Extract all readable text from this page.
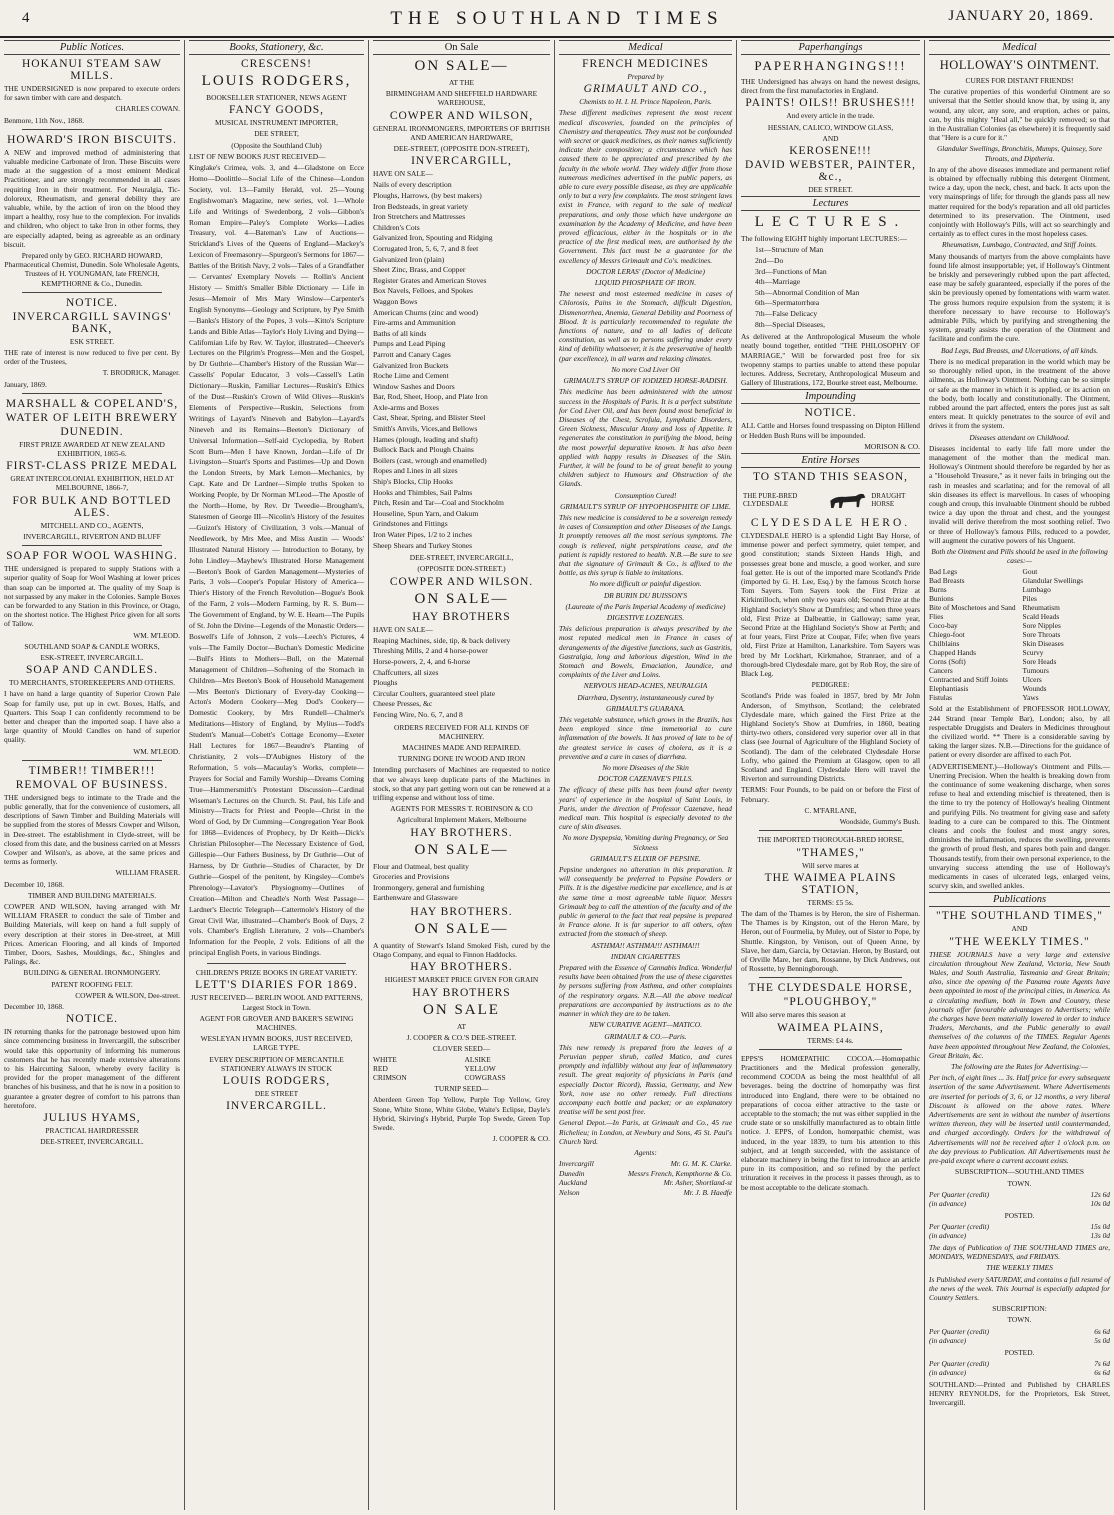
4	THE SOUTHLAND TIMES	JANUARY 20, 1869.
Public Notices.
HOKANUI STEAM SAW MILLS.
THE UNDERSIGNED is now prepared to execute orders for sawn timber with care and despatch.
CHARLES COWAN.
Benmore, 11th Nov., 1868.
HOWARD'S IRON BISCUITS.
A NEW and improved method of administering that valuable medicine Carbonate of Iron. These Biscuits were made at the suggestion of a most eminent Medical Practitioner, and are strongly recommended in all cases requiring Iron in their treatment. For Neuralgia, Tic-doloreux, Rheumatism, and general debility they are valuable, while, by the action of iron on the blood they impart a healthy, rosy hue to the complexion. For invalids and children, who object to take Iron in other forms, they are especially adapted, being as agreeable as an ordinary biscuit.
Prepared only by GEO. RICHARD HOWARD, Pharmaceutical Chemist, Dunedin. Sole Wholesale Agents, Trustees of H. YOUNGMAN, late FRENCH, KEMPTHORNE & Co., Dunedin.
NOTICE.
INVERCARGILL SAVINGS' BANK,
ESK STREET.
THE rate of interest is now reduced to five per cent. By order of the Trustees,
T. BRODRICK, Manager.
January, 1869.
MARSHALL & COPELAND'S,
WATER OF LEITH BREWERY
DUNEDIN.
FIRST PRIZE AWARDED AT NEW ZEALAND EXHIBITION, 1865-6.
FIRST-CLASS PRIZE MEDAL
GREAT INTERCOLONIAL EXHIBITION, HELD AT MELBOURNE, 1866-7,
FOR BULK AND BOTTLED ALES.
MITCHELL AND CO., AGENTS,
INVERCARGILL, RIVERTON AND BLUFF
SOAP FOR WOOL WASHING.
THE undersigned is prepared to supply Stations with a superior quality of Soap for Wool Washing at lower prices than soap can be imported at. The quality of my Soap is not surpassed by any maker in the Colonies. Sample Boxes can be forwarded to any Station in this Province, or Otago, on the shortest notice. The Highest Price given for all sorts of Tallow.
WM. M'LEOD.
SOUTHLAND SOAP & CANDLE WORKS,
ESK-STREET, INVERCARGILL.
SOAP AND CANDLES.
TO MERCHANTS, STOREKEEPERS AND OTHERS.
I have on hand a large quantity of Superior Crown Pale Soap for family use, put up in cwt. Boxes, Halfs, and Quarters. This Soap I can confidently recommend to be better and cheaper than the imported soap. I have also a large quantity of Mould Candles on hand of superior quality.
WM. M'LEOD.
TIMBER!! TIMBER!!!
REMOVAL OF BUSINESS.
THE undersigned begs to intimate to the Trade and the public generally, that for the convenience of customers, all descriptions of Sawn Timber and Building Materials will be supplied from the stores of Messrs Cowper and Wilson, in Dee-street. The establishment in Clyde-street, will be closed from this date, and the business carried on at Messrs Cowper and Wilson's, as above, at the same prices and terms as formerly.
WILLIAM FRASER.
December 10, 1868.
TIMBER AND BUILDING MATERIALS.
COWPER AND WILSON, having arranged with Mr WILLIAM FRASER to conduct the sale of Timber and Building Materials, will keep on hand a full supply of every description at their stores in Dee-street, at Mill Prices. American Flooring, and all kinds of Imported Timber, Doors, Sashes, Mouldings, &c., Shingles and Palings, &c.
BUILDING & GENERAL IRONMONGERY.
PATENT ROOFING FELT.
COWPER & WILSON, Dee-street.
December 10, 1868.
NOTICE.
IN returning thanks for the patronage bestowed upon him since commencing business in Invercargill, the subscriber would take this opportunity of informing his numerous customers that he has recently made extensive alterations to his Haircutting Saloon, whereby every facility is provided for the proper management of the different branches of his business, and that he is now in a position to guarantee a greater degree of comfort to his patrons than heretofore.
JULIUS HYAMS,
PRACTICAL HAIRDRESSER
DEE-STREET, INVERCARGILL.
Books, Stationery, &c.
CRESCENS!
LOUIS RODGERS,
BOOKSELLER STATIONER, NEWS AGENT
FANCY GOODS,
MUSICAL INSTRUMENT IMPORTER,
DEE STREET,
(Opposite the Southland Club)
LIST OF NEW BOOKS JUST RECEIVED—
Kinglake's Crimea, vols. 3, and 4—Gladstone on Ecce Homo—Doolittle—Social Life of the Chinese—London Society, vol. 13—Family Herald, vol. 25—Young Englishwoman's Magazine, new series, vol. 1—Whole Life and Writings of Swedenborg, 2 vols—Gibbon's Roman Empire—Paley's Complete Works—Ladies Treasury, vol. 4—Bateman's Law of Auctions—Strickland's Lives of the Queens of England—Mackey's Lexicon of Freemasonry—Spurgeon's Sermons for 1867—Battles of the British Navy, 2 vols—Tales of a Grandfather — Cervantes' Exemplary Novels — Rollin's Ancient History — Smith's Smaller Bible Dictionary — Life in Jesus—Memoir of Mrs Mary Winslow—Carpenter's English Synonyms—Geology and Scripture, by Pye Smith—Banks's History of the Popes, 3 vols—Kitto's Scripture Lands and Bible Atlas—Taylor's Holy Living and Dying—Californian Life by Rev. W. Taylor, illustrated—Cheever's Lectures on the Pilgrim's Progress—Men and the Gospel, by Dr Guthrie—Chamber's History of the Russian War—Cassells' Popular Educator, 3 vols—Cassell's Latin Dictionary—Ruskin, Familiar Lectures—Ruskin's Ethics of the Dust—Ruskin's Crown of Wild Olives—Ruskin's Elements of Perspective—Ruskin, Selections from Writings of Layard's Nineveh and Babylon—Layard's Nineveh and its Remains—Beeton's Dictionary of Universal Information—Self-aid Cyclopedia, by Robert Scott Burn—Men I have Known, Jordan—Life of Dr Livingston—Stuart's Sports and Pastimes—Up and Down the London Streets, by Mark Lemon—Mechanics, by Capt. Kate and Dr Lardner—Simple truths Spoken to Working People, by Dr Norman M'Leod—The Apostle of the North—Home, by Rev. Dr Tweedie—Brougham's, Statesmen of George III—Nicolin's History of the Jesuites—Guizot's History of Civilization, 3 vols.—Manual of Needlework, by Mrs Mee, and Miss Austin — Woods' Illustrated Natural History — Introduction to Botany, by John Lindley—Mayhew's Illustrated Horse Management—Beeton's Book of Garden Management—Mysteries of Paris, 3 vols—Cooper's Popular History of America—Thier's History of the French Revolution—Bogue's Book of the Farm, 2 vols—Modern Farming, by R. S. Burn—The Government of England, by W. E. Hearn—The Pupils of St. John the Divine—Legends of the Monastic Orders—Boswell's Life of Johnson, 2 vols—Leech's Pictures, 4 vols—The Family Doctor—Buchan's Domestic Medicine—Bull's Hints to Mothers—Bull, on the Maternal Management of Children—Softening of the Stomach in Children—Mrs Beeton's Book of Household Management—Mrs Beeton's Dictionary of Every-day Cooking—Acton's Modern Cookery—Meg Dod's Cookery—Domestic Cookery, by Mrs Rundell—Chalmer's Meditations—History of England, by Mylius—Todd's Student's Manual—Cobett's Cottage Economy—Exeter Hall Lectures for 1867—Beaudre's Planting of Christianity, 2 vols—D'Aubignes History of the Reformation, 5 vols—Macaulay's Works, complete—Prayers for Social and Family Worship—Dreams Coming True—Hammersmith's Protestant Discussion—Cardinal Wiseman's Lectures on the Church. St. Paul, his Life and Ministry—Tracts for Priest and People—Christ in the Word of God, by Dr Cumming—Congregation Year Book for 1868—Evidences of Prophecy, by Dr Keith—Dick's Christian Philosopher—The Necessary Existence of God, Gillespie—Our Fathers Business, by Dr Guthrie—Out of Harness, by Dr Guthrie—Studies of Character, by Dr Guthrie—Gospel of the penitent, by Kingsley—Combe's Phrenology—Lavator's Physiognomy—Outlines of Creation—Milton and Cheadle's North West Passage—Lardner's Electric Telegraph—Cattermole's History of the Great Civil War, illustrated—Chamber's Book of Days, 2 vols. Chamber's English Literature, 2 vols—Chamber's Information for the People, 2 vols. Editions of all the principal English Poets, in various Bindings.
CHILDREN'S PRIZE BOOKS IN GREAT VARIETY.
LETT'S DIARIES FOR 1869.
JUST RECEIVED— BERLIN WOOL AND PATTERNS, Largest Stock in Town.
AGENT FOR GROVER AND BAKER'S SEWING MACHINES.
WESLEYAN HYMN BOOKS, JUST RECEIVED, LARGE TYPE.
EVERY DESCRIPTION OF MERCANTILE STATIONERY ALWAYS IN STOCK
LOUIS RODGERS,
DEE STREET
INVERCARGILL.
On Sale
ON SALE—
AT THE
BIRMINGHAM AND SHEFFIELD HARDWARE WAREHOUSE,
COWPER AND WILSON,
GENERAL IRONMONGERS, IMPORTERS OF BRITISH AND AMERICAN HARDWARE,
DEE-STREET, (OPPOSITE DON-STREET),
INVERCARGILL,
HAVE ON SALE—
Nails of every description
Ploughs, Harrows, (by best makers)
Iron Bedsteads, in great variety
Iron Stretchers and Mattresses
Children's Cots
Galvanized Iron, Spouting and Ridging
Corrugated Iron, 5, 6, 7, and 8 feet
Galvanized Iron (plain)
Sheet Zinc, Brass, and Copper
Register Grates and American Stoves
Box Navels, Felloes, and Spokes
Waggon Bows
American Churns (zinc and wood)
Fire-arms and Ammunition
Baths of all kinds
Pumps and Lead Piping
Parrott and Canary Cages
Galvanized Iron Buckets
Roche Lime and Cement
Window Sashes and Doors
Bar, Rod, Sheet, Hoop, and Plate Iron
Axle-arms and Boxes
Cast, Shear, Spring, and Blister Steel
Smith's Anvils, Vices,and Bellows
Hames (plough, leading and shaft)
Bullock Back and Plough Chains
Boilers (cast, wrough and enamelled)
Ropes and Lines in all sizes
Ship's Blocks, Clip Hooks
Hooks and Thimbles, Sail Palms
Pitch, Resin and Tar—Coal and Stockholm
Houseline, Spun Yarn, and Oakum
Grindstones and Fittings
Iron Water Pipes, 1/2 to 2 inches
Sheep Shears and Turkey Stones
DEE-STREET, INVERCARGILL,
(OPPOSITE DON-STREET.)
COWPER AND WILSON.
ON SALE—
HAY BROTHERS
HAVE ON SALE—
Reaping Machines, side, tip, & back delivery
Threshing Mills, 2 and 4 horse-power
Horse-powers, 2, 4, and 6-horse
Chaffcutters, all sizes
Ploughs
Circular Coulters, guaranteed steel plate
Cheese Presses, &c
Fencing Wire, No. 6, 7, and 8
ORDERS RECEIVED FOR ALL KINDS OF MACHINERY.
MACHINES MADE AND REPAIRED.
TURNING DONE IN WOOD AND IRON
Intending purchasers of Machines are requested to notice that we always keep duplicate parts of the Machines in stock, so that any part getting worn out can be renewed at a trifling expense and without loss of time.
AGENTS FOR MESSRS T. ROBINSON & CO
Agricultural Implement Makers, Melbourne
HAY BROTHERS.
ON SALE—
Flour and Oatmeal, best quality
Groceries and Provisions
Ironmongery, general and furnishing
Earthenware and Glassware
HAY BROTHERS.
ON SALE—
A quantity of Stewart's Island Smoked Fish, cured by the Otago Company, and equal to Finnon Haddocks.
HAY BROTHERS.
HIGHEST MARKET PRICE GIVEN FOR GRAIN
HAY BROTHERS
ON SALE
AT
J. COOPER & CO.'S DEE-STREET.
CLOVER SEED—
WHITE
RED
CRIMSON
ALSIKE
YELLOW
COWGRASS
TURNIP SEED—
Aberdeen Green Top Yellow, Purple Top Yellow, Grey Stone, White Stone, White Globe, Waite's Eclipse, Dayle's Hybrid, Skirving's Hybrid, Purple Top Swede, Green Top Swede.
J. COOPER & CO.
Medical
FRENCH MEDICINES
Prepared by
GRIMAULT AND CO.,
Chemists to H. I. H. Prince Napoleon, Paris.
These different medicines represent the most recent medical discoveries, founded on the principles of Chemistry and therapeutics. They must not be confounded with secret or quack medicines, as their names sufficiently indicate their composition; a circumstance which has caused them to be appreciated and prescribed by the faculty in the whole world. They widely differ from those numerous medicines advertised in the public papers, as able to cure every possible disease, as they are applicable only to but a very few complaints. The most stringent laws exist in France, with regard to the sale of medical preparations, and only those which have undergone an examination by the Academy of Medicine, and have been proved efficacious, either in the hospitals or in the practice of the first medical men, are authorised by the Government. This fact must be a guarantee for the excellency of Messrs Grimault and Co's. medicines.
DOCTOR LERAS' (Doctor of Medicine)
LIQUID PHOSPHATE OF IRON.
The newest and most esteemed medicine in cases of Chlorosis, Pains in the Stomach, difficult Digestion, Dismenorrhea, Anemia, General Debility and Poorness of Blood. It is particularly recommended to regulate the functions of nature, and to all ladies of delicate constitution, as well as to persons suffering under every kind of debility whatsoever, it is the preservative of health (par excellence), in all warm and relaxing climates.
No more Cod Liver Oil
GRIMAULT'S SYRUP OF IODIZED HORSE-RADISH.
This medicine has been administered with the utmost success in the Hospitals of Paris. It is a perfect substitute for Cod Liver Oil, and has been found most beneficial in Diseases of the Chest, Scrofula, Lymphatic Disorders, Green Sickness, Muscular Atony and loss of Appetite. It regenerates the constitution in purifying the blood, being the most powerful depurative known. It has also been applied with happy results in Diseases of the Skin. Further, it will be found to be of great benefit to young children subject to Humours and Obstruction of the Glands.
Consumption Cured!
GRIMAULT'S SYRUP OF HYPOPHOSPHITE OF LIME.
This new medicine is considered to be a sovereign remedy in cases of Consumption and other Diseases of the Lungs. It promptly removes all the most serious symptoms. The cough is relieved, night perspirations cease, and the patient is rapidly restored to health. N.B.—Be sure to see that the signature of Grimault & Co., is affixed to the bottle, as this syrup is liable to imitations.
No more difficult or painful digestion.
DR BURIN DU BUISSON'S
(Laureate of the Paris Imperial Academy of medicine)
DIGESTIVE LOZENGES.
This delicious preparation is always prescribed by the most reputed medical men in France in cases of derangements of the digestive functions, such as Gastritis, Gastralgia, long and laborious digestion, Wind in the Stomach and Bowels, Emaciation, Jaundice, and complaints of the Liver and Loins.
NERVOUS HEAD-ACHES, NEURALGIA
Diarrhœa, Dysentry, instantaneously cured by
GRIMAULT'S GUARANA.
This vegetable substance, which grows in the Brazils, has been employed since time immemorial to cure inflammation of the bowels. It has proved of late to be of the greatest service in cases of cholera, as it is a preventive and a cure in cases of diarrhœa.
No more Diseases of the Skin
DOCTOR CAZENAVE'S PILLS.
The efficacy of these pills has been found after twenty years' of experience in the hospital of Saint Louis, in Paris, under the direction of Professor Cazenave, head medical man. This hospital is especially devoted to the cure of skin diseases.
No more Dyspepsia, Vomiting during Pregnancy, or Sea Sickness
GRIMAULT'S ELIXIR OF PEPSINE.
Pepsine undergoes no alteration in this preparation. It will consequently be preferred to Pepsine Powders or Pills. It is the digestive medicine par excellence, and is at the same time a most agreeable table liquor. Messrs Grimault beg to call the attention of the faculty and of the public in general to the fact that real pepsine is prepared in France alone. It is far superior to all others, often extracted from the stomach of sheep.
ASTHMA!! ASTHMA!!! ASTHMA!!!
INDIAN CIGARETTES
Prepared with the Essence of Cannabis Indica. Wonderful results have been obtained from the use of these cigarettes by persons suffering from Asthma, and other complaints of the respiratory organs. N.B.—All the above medical preparations are accompanied by instructions as to the manner in which they are to be taken.
NEW CURATIVE AGENT—MATICO.
GRIMAULT & CO.—Paris.
This new remedy is prepared from the leaves of a Peruvian pepper shrub, called Matico, and cures promptly and infallibly without any fear of inflammatory result. The great majority of physicians in Paris (and especially Doctor Ricord), Russia, Germany, and New York, now use no other remedy. Full directions accompany each bottle and packet; or an explanatory treatise will be sent post free.
General Depot.—In Paris, at Grimault and Co., 45 rue Richelieu; in London, at Newbury and Sons, 45 St. Paul's Church Yard.
Agents:
Invercargill	Mr. G. M. K. Clarke.
Dunedin	Messrs French, Kempthorne & Co.
Auckland	Mr. Asher, Shortland-st
Nelson	Mr. J. B. Haedfe
Paperhangings
PAPERHANGINGS!!!
THE Undersigned has always on hand the newest designs, direct from the first manufactories in England.
PAINTS! OILS!! BRUSHES!!!
And every article in the trade.
HESSIAN, CALICO, WINDOW GLASS,
AND
KEROSENE!!!
DAVID WEBSTER, PAINTER, &c.,
DEE STREET.
Lectures
LECTURES.
The following EIGHT highly important LECTURES:—
1st—Structure of Man
2nd—Do
3rd—Functions of Man
4th—Marriage
5th—Abnormal Condition of Man
6th—Spermatorrhœa
7th—False Delicacy
8th—Special Diseases,
As delivered at the Anthropological Museum the whole neatly bound together, entitled "THE PHILOSOPHY OF MARRIAGE," Will be forwarded post free for six twopenny stamps to parties unable to attend these popular lectures. Address, Secretary, Anthropological Museum and Gallery of Illustrations, 172, Bourke street east, Melbourne.
Impounding
NOTICE.
ALL Cattle and Horses found trespassing on Dipton Hillend or Hedden Bush Runs will be impounded.
MORISON & CO.
Entire Horses
TO STAND THIS SEASON,
THE PURE-BRED CLYDESDALE
DRAUGHT HORSE
CLYDESDALE HERO.
CLYDESDALE HERO is a splendid Light Bay Horse, of immense power and perfect symmetry, quiet temper, and good constitution; stands Sixteen Hands High, and possesses great bone and muscle, a good worker, and sure foal getter. He is out of the imported mare Scotland's Pride (imported by G. H. Lee, Esq.) by the famous Scotch horse Tom Sayers. Tom Sayers took the First Prize at Kirkintilloch, when only two years old; Second Prize at the Highland Society's Show at Dumfries; and when three years old, First Prize at Dalbeattie, in Galloway; same year, Second Prize at the Highland Society's Show at Perth; and at four years, First Prize at Coupar, Fife; when five years old, First Prize at Hamilton, Lanarkshire. Tom Sayers was bred by Mr Lockhart, Kirkmahoe, Stranraer, and of a thorough-bred Clydesdale mare, got by Rob Roy, the sire of Black Leg.
PEDIGREE:
Scotland's Pride was foaled in 1857, bred by Mr John Anderson, of Smythson, Scotland; the celebrated Clydesdale mare, which gained the First Prize at the Highland Society's Show at Dumfries, in 1860, beating thirty-two others, considered very superior over all in that class (see Journal of Agriculture of the Highland Society of Scotland). The dam of the celebrated Clydesdale Horse Lofty, who gained the Premium at Glasgow, open to all Scotland and England. Clydesdale Hero will travel the Riverton and surrounding Districts.
TERMS: Four Pounds, to be paid on or before the First of February.
C. M'FARLANE,
Woodside, Gummy's Bush.
THE IMPORTED THOROUGH-BRED HORSE,
"THAMES,"
Will serve mares at
THE WAIMEA PLAINS STATION,
TERMS: £5 5s.
The dam of the Thames is by Heron, the sire of Fisherman. The Thames is by Kingston, out of the Heron Mare, by Heron, out of Fourmelia, by Muley, out of Sister to Pope, by Shuttle. Kingston, by Venison, out of Queen Anne, by Slave, her dam, Garcia, by Octavian. Heron, by Bustard, out of Orville Mare, her dam, Rossanne, by Dick Andrews, out of Rossette, by Benningborough.
THE CLYDESDALE HORSE,
"PLOUGHBOY,"
Will also serve mares this season at
WAIMEA PLAINS,
TERMS: £4 4s.
EPPS'S HOMŒPATHIC COCOA.—Homœpathic Practitioners and the Medical profession generally, recommend COCOA as being the most healthful of all beverages. being the doctrine of homœpathy was first introduced into England, there were to be obtained no preparations of cocoa either attractive to the taste or acceptable to the stomach; the nut was either supplied in the crude state or so unskilfully manufactured as to obtain little notice. J. EPPS, of London, homœpathic chemist, was induced, in the year 1839, to turn his attention to this subject, and at length succeeded, with the assistance of elaborate machinery in being the first to introduce an article pure in its composition, and so refined by the perfect trituration it receives in the process it passes through, as to be most acceptable to the delicate stomach.
Medical
HOLLOWAY'S OINTMENT.
CURES FOR DISTANT FRIENDS!
The curative properties of this wonderful Ointment are so universal that the Settler should know that, by using it, any wound, any ulcer, any sore, and eruption, aches or pains, can, by this mighty "Heal all," be quickly removed; so that in the Australian Colonies (as elsewhere) it is frequently said that "Here is a cure for it."
Glandular Swellings, Bronchitis, Mumps, Quinsey, Sore Throats, and Diptheria.
In any of the above diseases immediate and permanent relief is obtained by effectually rubbing this detergent Ointment, twice a day, upon the neck, chest, and back. It acts upon the very mainsprings of life; for through the glands pass all new matter required for the body's reparation and all old particles determined to its preservation. The Ointment, used conjointly with Holloway's Pills, will act so searchingly and certainly as to effect cures in the most hopeless cases.
Rheumatism, Lumbago, Contracted, and Stiff Joints.
Many thousands of martyrs from the above complaints have found life almost insupportable; yet, if Holloway's Ointment be briskly and perseveringly rubbed upon the part affected, ease may be safely guaranteed, especially if the pores of the skin be previously opened by fomentations with warm water. The gross humors require expulsion from the system; it is therefore necessary to have recourse to Holloway's admirable Pills, which by purifying and strengthening the system, greatly assists the operation of the Ointment and facilitate and confirm the cure.
Bad Legs, Bad Breasts, and Ulcerations, of all kinds.
There is no medical preparation in the world which may be so thoroughly relied upon, in the treatment of the above ailments, as Holloway's Ointment. Nothing can be so simple or safe as the manner in which it is applied, or its action on the body, both locally and constitutionally. The Ointment, rubbed around the part affected, enters the pores just as salt enters meat. It quickly penetrates to the source of evil and drives it from the system.
Diseases attendant on Childhood.
Diseases incidental to early life fall more under the management of the mother than the medical man. Holloway's Ointment should therefore be regarded by her as a "Household Treasure," as it never fails in bringing out the rash in measles and scarlatina; and for the removal of all skin diseases its effect is marvellous. In cases of whooping cough and croup, this invaluable Ointment should be rubbed twice a day upon the throat and chest, and the youngest invalid will derive therefrom the most soothing relief. Two or three of Holloway's famous Pills, reduced to a powder, will augment the curative powers of his Unguent.
Both the Ointment and Pills should be used in the following cases:—
Bad Legs
Bad Breasts
Burns
Bunions
Bite of Moschetoes and Sand Flies
Coco-bay
Chiego-foot
Chilblains
Chapped Hands
Corns (Soft)
Cancers
Contracted and Stiff Joints
Elephantiasis
Fistulas
Gout
Glandular Swellings
Lumbago
Piles
Rheumatism
Scald Heads
Sore Nipples
Sore Throats
Skin Diseases
Scurvy
Sore Heads
Tumours
Ulcers
Wounds
Yaws
Sold at the Establishment of PROFESSOR HOLLOWAY, 244 Strand (near Temple Bar), London; also, by all respectable Druggists and Dealers in Medicines throughout the civilized world. ** There is a considerable saving by taking the larger sizes. N.B.—Directions for the guidance of patient or every disorder are affixed to each Pot.
(ADVERTISEMENT.)—Holloway's Ointment and Pills.—Unerring Precision. When the health is breaking down from the continuance of some weakening discharge, when sores refuse to heal and extending mischief is threatened, then is the time to try the potency of Holloway's healing Ointment and purifying Pills. No treatment for giving ease and safety leading to a cure can be compared to this. The Ointment cleans and cools the foulest and most angry sores, diminishes the inflammation, reduces the swelling, prevents the growth of proud flesh, and spares both pain and danger. Thousands testify, from their own personal experience, to the unvarying success attending the use of Holloway's medicaments in cases of ulcerated legs, enlarged veins, scurvy skin, and swelled ankles.
Publications
"THE SOUTHLAND TIMES,"
AND
"THE WEEKLY TIMES."
THESE JOURNALS have a very large and extensive circulation throughout New Zealand, Victoria, New South Wales, and South Australia, Tasmania and Great Britain; also, since the opening of the Panama route Agents have been appointed in most of the principal cities, in America. As a circulating medium, both in Town and Country, these journals offer favourable advantages to Advertisers; while the charges have been materially lowered in order to induce Traders, Merchants, and the Public generally to avail themselves of the columns of the TIMES. Regular Agents have been appointed throughout New Zealand, the Colonies, Great Britain, &c.
The following are the Rates for Advertising:—
Per inch, of eight lines ... 3s. Half price for every subsequent insertion of the same Advertisement. Where Advertisements are inserted for periods of 3, 6, or 12 months, a very liberal Discount is allowed on the above rates. Where Advertisements are sent in without the number of insertions written thereon, they will be inserted until countermanded, and charged accordingly. Orders for the withdrawal of Advertisements will not be received after 1 o'clock p.m. on the day previous to Publication. All Advertisements must be pre-paid except where a current account exists.
SUBSCRIPTION—SOUTHLAND TIMES
TOWN.
Per Quarter (credit)	12s 6d
(in advance)	10s 0d
POSTED.
Per Quarter (credit)	15s 0d
(in advance)	13s 0d
The days of Publication of THE SOUTHLAND TIMES are, MONDAYS, WEDNESDAYS, and FRIDAYS.
THE WEEKLY TIMES
Is Published every SATURDAY, and contains a full resumé of the news of the week. This Journal is especially adapted for Country Settlers.
SUBSCRIPTION:
TOWN.
Per Quarter (credit)	6s 6d
(in advance)	5s 0d
POSTED.
Per Quarter (credit)	7s 6d
(in advance)	6s 6d
SOUTHLAND:—Printed and Published by CHARLES HENRY REYNOLDS, for the Proprietors, Esk Street, Invercargill.
